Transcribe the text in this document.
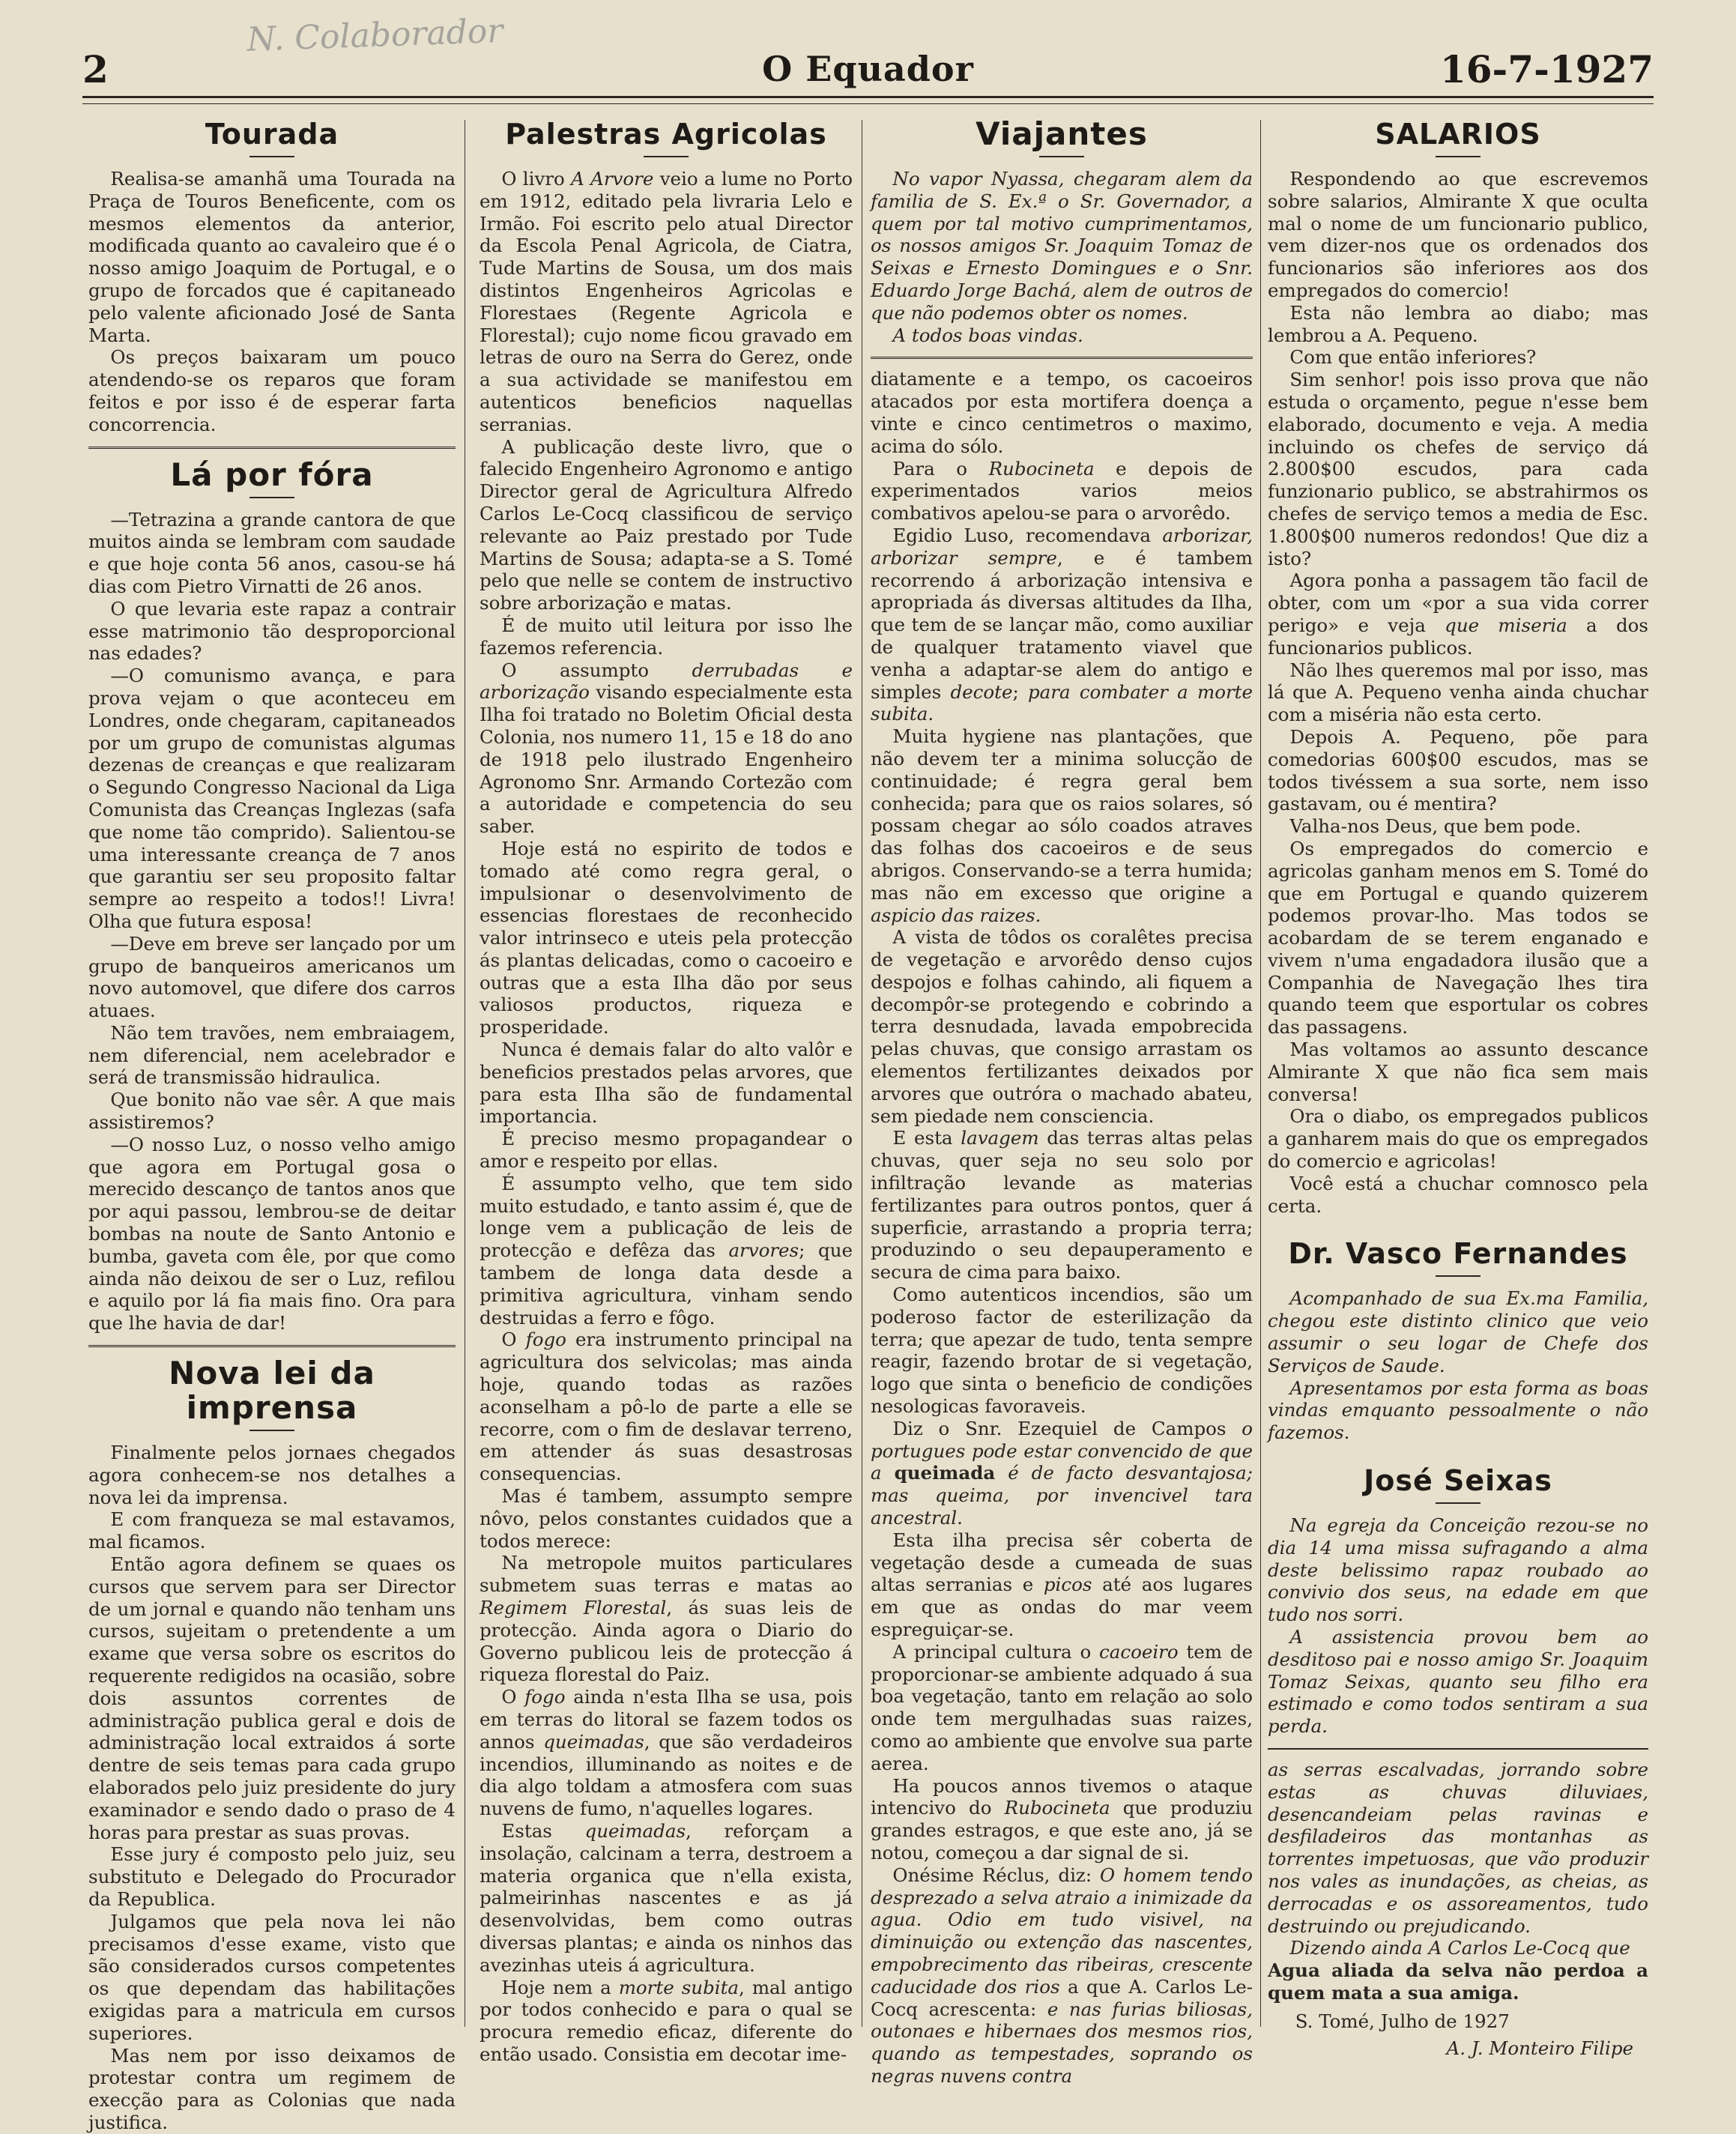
N. Colaborador
2	O Equador	16-7-1927
Tourada

Realisa-se amanhã uma Tourada na Praça de Touros Beneficente, com os mesmos elementos da anterior, modificada quanto ao cavaleiro que é o nosso amigo Joaquim de Portugal, e o grupo de forcados que é capitaneado pelo valente aficionado José de Santa Marta.

Os preços baixaram um pouco atendendo-se os reparos que foram feitos e por isso é de esperar farta concorrencia.

Lá por fóra

—Tetrazina a grande cantora de que muitos ainda se lembram com saudade e que hoje conta 56 anos, casou-se há dias com Pietro Virnatti de 26 anos.

O que levaria este rapaz a contrair esse matrimonio tão desproporcional nas edades?

—O comunismo avança, e para prova vejam o que aconteceu em Londres, onde chegaram, capitaneados por um grupo de comunistas algumas dezenas de creanças e que realizaram o Segundo Congresso Nacional da Liga Comunista das Creanças Inglezas (safa que nome tão comprido). Salientou-se uma interessante creança de 7 anos que garantiu ser seu proposito faltar sempre ao respeito a todos!! Livra! Olha que futura esposa!

—Deve em breve ser lançado por um grupo de banqueiros americanos um novo automovel, que difere dos carros atuaes.

Não tem travões, nem embraiagem, nem diferencial, nem acelebrador e será de transmissão hidraulica.

Que bonito não vae sêr. A que mais assistiremos?

—O nosso Luz, o nosso velho amigo que agora em Portugal gosa o merecido descanço de tantos anos que por aqui passou, lembrou-se de deitar bombas na noute de Santo Antonio e bumba, gaveta com êle, por que como ainda não deixou de ser o Luz, refilou e aquilo por lá fia mais fino. Ora para que lhe havia de dar!

Nova lei da imprensa

Finalmente pelos jornaes chegados agora conhecem-se nos detalhes a nova lei da imprensa.

E com franqueza se mal estavamos, mal ficamos.

Então agora definem se quaes os cursos que servem para ser Director de um jornal e quando não tenham uns cursos, sujeitam o pretendente a um exame que versa sobre os escritos do requerente redigidos na ocasião, sobre dois assuntos correntes de administração publica geral e dois de administração local extraidos á sorte dentre de seis temas para cada grupo elaborados pelo juiz presidente do jury examinador e sendo dado o praso de 4 horas para prestar as suas provas.

Esse jury é composto pelo juiz, seu substituto e Delegado do Procurador da Republica.

Julgamos que pela nova lei não precisamos d'esse exame, visto que são considerados cursos competentes os que dependam das habilitações exigidas para a matricula em cursos superiores.

Mas nem por isso deixamos de protestar contra um regimem de execção para as Colonias que nada justifica.

Palestras Agricolas

O livro A Arvore veio a lume no Porto em 1912, editado pela livraria Lelo e Irmão. Foi escrito pelo atual Director da Escola Penal Agricola, de Ciatra, Tude Martins de Sousa, um dos mais distintos Engenheiros Agricolas e Florestaes (Regente Agricola e Florestal); cujo nome ficou gravado em letras de ouro na Serra do Gerez, onde a sua actividade se manifestou em autenticos beneficios naquellas serranias.

A publicação deste livro, que o falecido Engenheiro Agronomo e antigo Director geral de Agricultura Alfredo Carlos Le-Cocq classificou de serviço relevante ao Paiz prestado por Tude Martins de Sousa; adapta-se a S. Tomé pelo que nelle se contem de instructivo sobre arborização e matas.

É de muito util leitura por isso lhe fazemos referencia.

O assumpto derrubadas e arborização visando especialmente esta Ilha foi tratado no Boletim Oficial desta Colonia, nos numero 11, 15 e 18 do ano de 1918 pelo ilustrado Engenheiro Agronomo Snr. Armando Cortezão com a autoridade e competencia do seu saber.

Hoje está no espirito de todos e tomado até como regra geral, o impulsionar o desenvolvimento de essencias florestaes de reconhecido valor intrinseco e uteis pela protecção ás plantas delicadas, como o cacoeiro e outras que a esta Ilha dão por seus valiosos productos, riqueza e prosperidade.

Nunca é demais falar do alto valôr e beneficios prestados pelas arvores, que para esta Ilha são de fundamental importancia.

É preciso mesmo propagandear o amor e respeito por ellas.

É assumpto velho, que tem sido muito estudado, e tanto assim é, que de longe vem a publicação de leis de protecção e defêza das arvores; que tambem de longa data desde a primitiva agricultura, vinham sendo destruidas a ferro e fôgo.

O fogo era instrumento principal na agricultura dos selvicolas; mas ainda hoje, quando todas as razões aconselham a pô-lo de parte a elle se recorre, com o fim de deslavar terreno, em attender ás suas desastrosas consequencias.

Mas é tambem, assumpto sempre nôvo, pelos constantes cuidados que a todos merece:

Na metropole muitos particulares submetem suas terras e matas ao Regimem Florestal, ás suas leis de protecção. Ainda agora o Diario do Governo publicou leis de protecção á riqueza florestal do Paiz.

O fogo ainda n'esta Ilha se usa, pois em terras do litoral se fazem todos os annos queimadas, que são verdadeiros incendios, illuminando as noites e de dia algo toldam a atmosfera com suas nuvens de fumo, n'aquelles logares.

Estas queimadas, reforçam a insolação, calcinam a terra, destroem a materia organica que n'ella exista, palmeirinhas nascentes e as já desenvolvidas, bem como outras diversas plantas; e ainda os ninhos das avezinhas uteis á agricultura.

Hoje nem a morte subita, mal antigo por todos conhecido e para o qual se procura remedio eficaz, diferente do então usado. Consistia em decotar ime-

Viajantes

No vapor Nyassa, chegaram alem da familia de S. Ex.ª o Sr. Governador, a quem por tal motivo cumprimentamos, os nossos amigos Sr. Joaquim Tomaz de Seixas e Ernesto Domingues e o Snr. Eduardo Jorge Bachá, alem de outros de que não podemos obter os nomes.

A todos boas vindas.

diatamente e a tempo, os cacoeiros atacados por esta mortifera doença a vinte e cinco centimetros o maximo, acima do sólo.

Para o Rubocineta e depois de experimentados varios meios combativos apelou-se para o arvorêdo.

Egidio Luso, recomendava arborizar, arborizar sempre, e é tambem recorrendo á arborização intensiva e apropriada ás diversas altitudes da Ilha, que tem de se lançar mão, como auxiliar de qualquer tratamento viavel que venha a adaptar-se alem do antigo e simples decote; para combater a morte subita.

Muita hygiene nas plantações, que não devem ter a minima solucção de continuidade; é regra geral bem conhecida; para que os raios solares, só possam chegar ao sólo coados atraves das folhas dos cacoeiros e de seus abrigos. Conservando-se a terra humida; mas não em excesso que origine a aspicio das raizes.

A vista de tôdos os coralêtes precisa de vegetação e arvorêdo denso cujos despojos e folhas cahindo, ali fiquem a decompôr-se protegendo e cobrindo a terra desnudada, lavada empobrecida pelas chuvas, que consigo arrastam os elementos fertilizantes deixados por arvores que outróra o machado abateu, sem piedade nem consciencia.

E esta lavagem das terras altas pelas chuvas, quer seja no seu solo por infiltração levande as materias fertilizantes para outros pontos, quer á superficie, arrastando a propria terra; produzindo o seu depauperamento e secura de cima para baixo.

Como autenticos incendios, são um poderoso factor de esterilização da terra; que apezar de tudo, tenta sempre reagir, fazendo brotar de si vegetação, logo que sinta o beneficio de condições nesologicas favoraveis.

Diz o Snr. Ezequiel de Campos o portugues pode estar convencido de que a queimada é de facto desvantajosa; mas queima, por invencivel tara ancestral.

Esta ilha precisa sêr coberta de vegetação desde a cumeada de suas altas serranias e picos até aos lugares em que as ondas do mar veem espreguiçar-se.

A principal cultura o cacoeiro tem de proporcionar-se ambiente adquado á sua boa vegetação, tanto em relação ao solo onde tem mergulhadas suas raizes, como ao ambiente que envolve sua parte aerea.

Ha poucos annos tivemos o ataque intencivo do Rubocineta que produziu grandes estragos, e que este ano, já se notou, começou a dar signal de si.

Onésime Réclus, diz: O homem tendo desprezado a selva atraio a inimizade da agua. Odio em tudo visivel, na diminuição ou extenção das nascentes, empobrecimento das ribeiras, crescente caducidade dos rios a que A. Carlos Le-Cocq acrescenta: e nas furias biliosas, outonaes e hibernaes dos mesmos rios, quando as tempestades, soprando os negras nuvens contra

SALARIOS

Respondendo ao que escrevemos sobre salarios, Almirante X que oculta mal o nome de um funcionario publico, vem dizer-nos que os ordenados dos funcionarios são inferiores aos dos empregados do comercio!

Esta não lembra ao diabo; mas lembrou a A. Pequeno.

Com que então inferiores?

Sim senhor! pois isso prova que não estuda o orçamento, pegue n'esse bem elaborado, documento e veja. A media incluindo os chefes de serviço dá 2.800$00 escudos, para cada funzionario publico, se abstrahirmos os chefes de serviço temos a media de Esc. 1.800$00 numeros redondos! Que diz a isto?

Agora ponha a passagem tão facil de obter, com um «por a sua vida correr perigo» e veja que miseria a dos funcionarios publicos.

Não lhes queremos mal por isso, mas lá que A. Pequeno venha ainda chuchar com a miséria não esta certo.

Depois A. Pequeno, põe para comedorias 600$00 escudos, mas se todos tivéssem a sua sorte, nem isso gastavam, ou é mentira?

Valha-nos Deus, que bem pode.

Os empregados do comercio e agricolas ganham menos em S. Tomé do que em Portugal e quando quizerem podemos provar-lho. Mas todos se acobardam de se terem enganado e vivem n'uma engadadora ilusão que a Companhia de Navegação lhes tira quando teem que esportular os cobres das passagens.

Mas voltamos ao assunto descance Almirante X que não fica sem mais conversa!

Ora o diabo, os empregados publicos a ganharem mais do que os empregados do comercio e agricolas!

Você está a chuchar comnosco pela certa.

Dr. Vasco Fernandes

Acompanhado de sua Ex.ma Familia, chegou este distinto clinico que veio assumir o seu logar de Chefe dos Serviços de Saude.

Apresentamos por esta forma as boas vindas emquanto pessoalmente o não fazemos.

José Seixas

Na egreja da Conceição rezou-se no dia 14 uma missa sufragando a alma deste belissimo rapaz roubado ao convivio dos seus, na edade em que tudo nos sorri.

A assistencia provou bem ao desditoso pai e nosso amigo Sr. Joaquim Tomaz Seixas, quanto seu filho era estimado e como todos sentiram a sua perda.

as serras escalvadas, jorrando sobre estas as chuvas diluviaes, desencandeiam pelas ravinas e desfiladeiros das montanhas as torrentes impetuosas, que vão produzir nos vales as inundações, as cheias, as derrocadas e os assoreamentos, tudo destruindo ou prejudicando.

Dizendo ainda A Carlos Le-Cocq que

Agua aliada da selva não perdoa a quem mata a sua amiga.

S. Tomé, Julho de 1927

A. J. Monteiro Filipe
